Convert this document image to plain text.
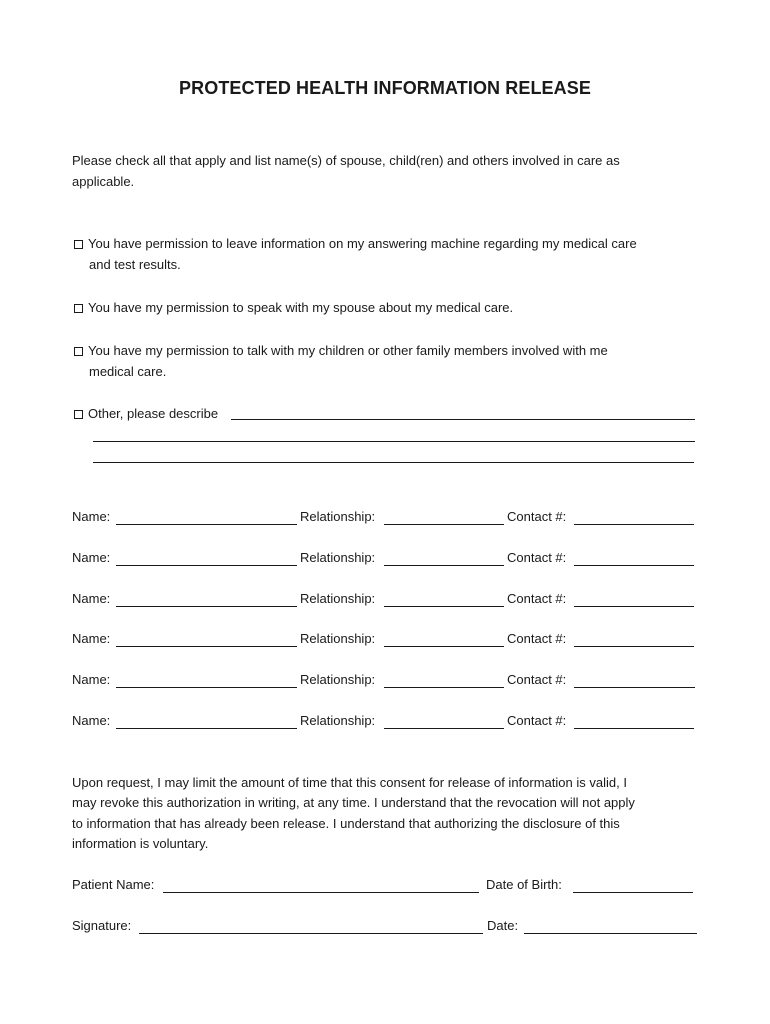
PROTECTED HEALTH INFORMATION RELEASE
Please check all that apply and list name(s) of spouse, child(ren) and others involved in care as
applicable.
You have permission to leave information on my answering machine regarding my medical care
and test results.
You have my permission to speak with my spouse about my medical care.
You have my permission to talk with my children or other family members involved with me
medical care.
Other, please describe
Name:	Relationship:	Contact #:
Name:	Relationship:	Contact #:
Name:	Relationship:	Contact #:
Name:	Relationship:	Contact #:
Name:	Relationship:	Contact #:
Name:	Relationship:	Contact #:
Upon request, I may limit the amount of time that this consent for release of information is valid, I
may revoke this authorization in writing, at any time. I understand that the revocation will not apply
to information that has already been release. I understand that authorizing the disclosure of this
information is voluntary.
Patient Name:	Date of Birth:
Signature:	Date:
